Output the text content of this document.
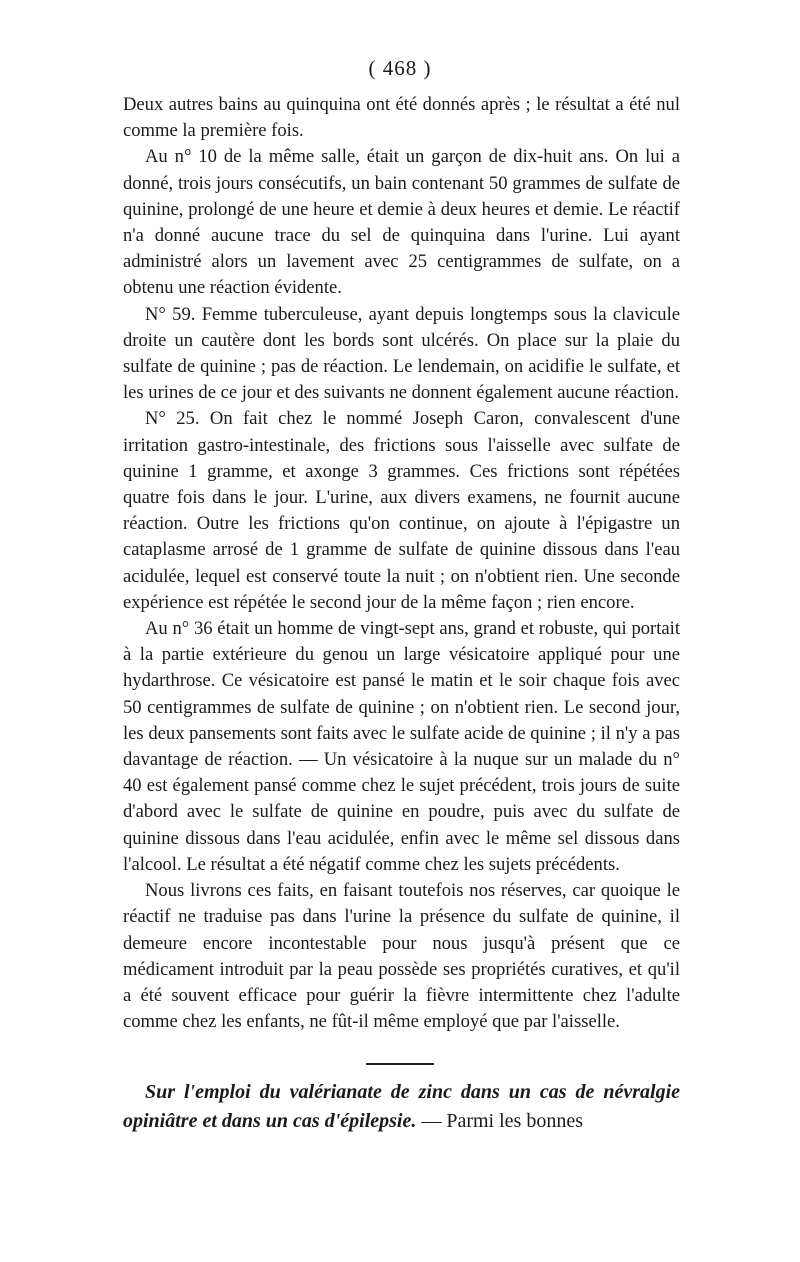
( 468 )

Deux autres bains au quinquina ont été donnés après ; le résultat a été nul comme la première fois.

Au n° 10 de la même salle, était un garçon de dix-huit ans. On lui a donné, trois jours consécutifs, un bain contenant 50 grammes de sulfate de quinine, prolongé de une heure et demie à deux heures et demie. Le réactif n'a donné aucune trace du sel de quinquina dans l'urine. Lui ayant administré alors un lavement avec 25 centigrammes de sulfate, on a obtenu une réaction évidente.

N° 59. Femme tuberculeuse, ayant depuis longtemps sous la clavicule droite un cautère dont les bords sont ulcérés. On place sur la plaie du sulfate de quinine ; pas de réaction. Le lendemain, on acidifie le sulfate, et les urines de ce jour et des suivants ne donnent également aucune réaction.

N° 25. On fait chez le nommé Joseph Caron, convalescent d'une irritation gastro-intestinale, des frictions sous l'aisselle avec sulfate de quinine 1 gramme, et axonge 3 grammes. Ces frictions sont répétées quatre fois dans le jour. L'urine, aux divers examens, ne fournit aucune réaction. Outre les frictions qu'on continue, on ajoute à l'épigastre un cataplasme arrosé de 1 gramme de sulfate de quinine dissous dans l'eau acidulée, lequel est conservé toute la nuit ; on n'obtient rien. Une seconde expérience est répétée le second jour de la même façon ; rien encore.

Au n° 36 était un homme de vingt-sept ans, grand et robuste, qui portait à la partie extérieure du genou un large vésicatoire appliqué pour une hydarthrose. Ce vésicatoire est pansé le matin et le soir chaque fois avec 50 centigrammes de sulfate de quinine ; on n'obtient rien. Le second jour, les deux pansements sont faits avec le sulfate acide de quinine ; il n'y a pas davantage de réaction. — Un vésicatoire à la nuque sur un malade du n° 40 est également pansé comme chez le sujet précédent, trois jours de suite d'abord avec le sulfate de quinine en poudre, puis avec du sulfate de quinine dissous dans l'eau acidulée, enfin avec le même sel dissous dans l'alcool. Le résultat a été négatif comme chez les sujets précédents.

Nous livrons ces faits, en faisant toutefois nos réserves, car quoique le réactif ne traduise pas dans l'urine la présence du sulfate de quinine, il demeure encore incontestable pour nous jusqu'à présent que ce médicament introduit par la peau possède ses propriétés curatives, et qu'il a été souvent efficace pour guérir la fièvre intermittente chez l'adulte comme chez les enfants, ne fût-il même employé que par l'aisselle.

Sur l'emploi du valérianate de zinc dans un cas de névralgie opiniâtre et dans un cas d'épilepsie. — Parmi les bonnes
